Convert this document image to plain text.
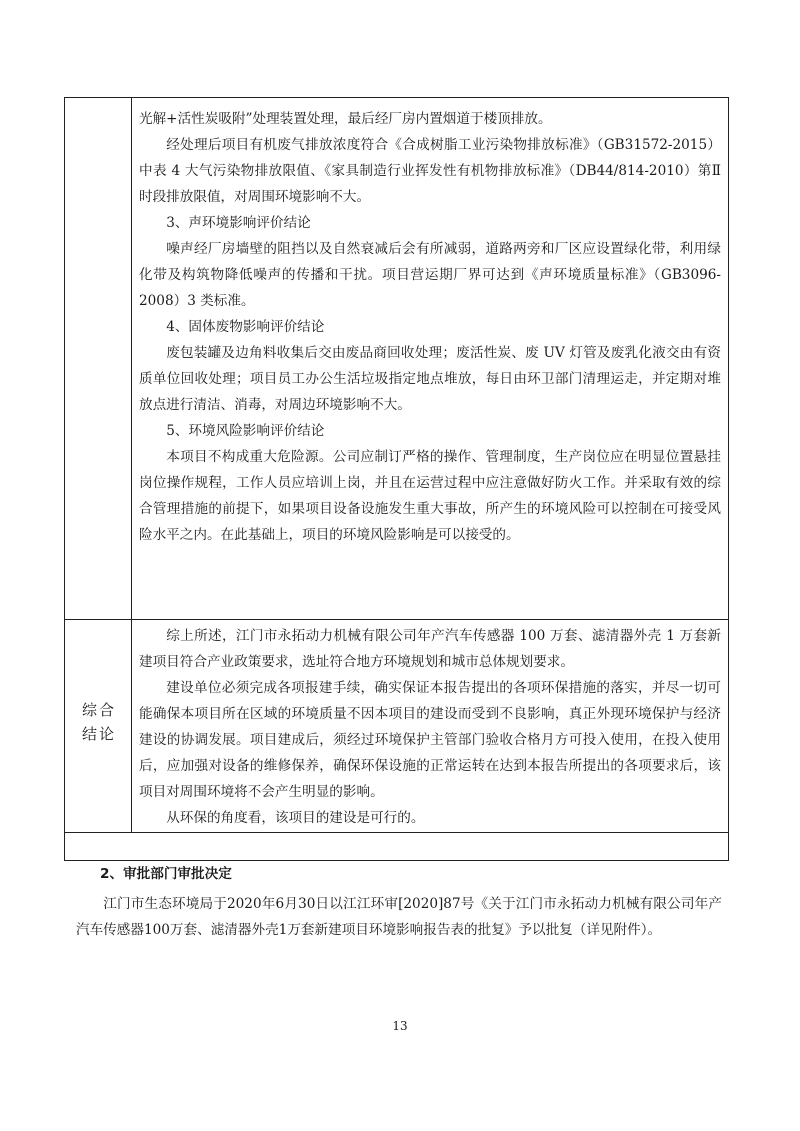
光解+活性炭吸附”处理装置处理，最后经厂房内置烟道于楼顶排放。

经处理后项目有机废气排放浓度符合《合成树脂工业污染物排放标准》（GB31572-2015）中表 4 大气污染物排放限值、《家具制造行业挥发性有机物排放标准》（DB44/814-2010）第Ⅱ时段排放限值，对周围环境影响不大。

3、声环境影响评价结论

噪声经厂房墙壁的阻挡以及自然衰减后会有所减弱，道路两旁和厂区应设置绿化带，利用绿化带及构筑物降低噪声的传播和干扰。项目营运期厂界可达到《声环境质量标准》（GB3096-2008）3 类标准。

4、固体废物影响评价结论

废包装罐及边角料收集后交由废品商回收处理；废活性炭、废 UV 灯管及废乳化液交由有资质单位回收处理；项目员工办公生活垃圾指定地点堆放，每日由环卫部门清理运走，并定期对堆放点进行清洁、消毒，对周边环境影响不大。

5、环境风险影响评价结论

本项目不构成重大危险源。公司应制订严格的操作、管理制度，生产岗位应在明显位置悬挂岗位操作规程，工作人员应培训上岗，并且在运营过程中应注意做好防火工作。并采取有效的综合管理措施的前提下，如果项目设备设施发生重大事故，所产生的环境风险可以控制在可接受风险水平之内。在此基础上，项目的环境风险影响是可以接受的。

综合
结论

综上所述，江门市永拓动力机械有限公司年产汽车传感器 100 万套、滤清器外壳 1 万套新建项目符合产业政策要求，选址符合地方环境规划和城市总体规划要求。

建设单位必须完成各项报建手续，确实保证本报告提出的各项环保措施的落实，并尽一切可能确保本项目所在区域的环境质量不因本项目的建设而受到不良影响，真正外现环境保护与经济建设的协调发展。项目建成后，须经过环境保护主管部门验收合格月方可投入使用，在投入使用后，应加强对设备的维修保养，确保环保设施的正常运转在达到本报告所提出的各项要求后，该项目对周围环境将不会产生明显的影响。

从环保的角度看，该项目的建设是可行的。

2、审批部门审批决定

江门市生态环境局于2020年6月30日以江江环审[2020]87号《关于江门市永拓动力机械有限公司年产汽车传感器100万套、滤清器外壳1万套新建项目环境影响报告表的批复》予以批复（详见附件）。

13
